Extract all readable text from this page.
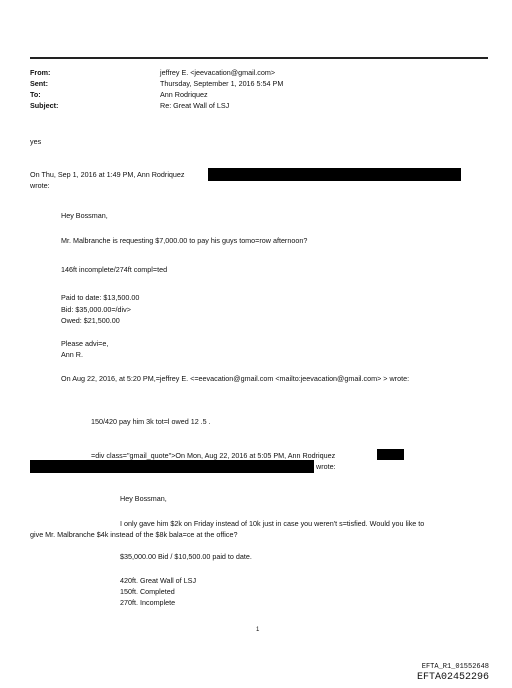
From:
Sent:
To:
Subject:
jeffrey E. <jeevacation@gmail.com>
Thursday, September 1, 2016 5:54 PM
Ann Rodriquez
Re: Great Wall of LSJ
yes
On Thu, Sep 1, 2016 at 1:49 PM, Ann Rodriquez
wrote:
Hey Bossman,
Mr. Malbranche is requesting $7,000.00 to pay his guys tomo=row afternoon?
146ft incomplete/274ft compl=ted
Paid to date: $13,500.00
Bid: $35,000.00=/div>
Owed: $21,500.00
Please advi=e,
Ann R.
On Aug 22, 2016, at 5:20 PM,=jeffrey E. <=eevacation@gmail.com <mailto:jeevacation@gmail.com> > wrote:
150/420 pay him 3k tot=l owed 12 .5 .
=div class="gmail_quote">On Mon, Aug 22, 2016 at 5:05 PM, Ann Rodriquez
wrote:
Hey Bossman,
I only gave him $2k on Friday instead of 10k just in case you weren't s=tisfied. Would you like to
give Mr. Malbranche $4k instead of the $8k bala=ce at the office?
$35,000.00 Bid / $10,500.00 paid to date.
420ft. Great Wall of LSJ
150ft. Completed
270ft. Incomplete
1
EFTA_R1_01552648
EFTA02452296
